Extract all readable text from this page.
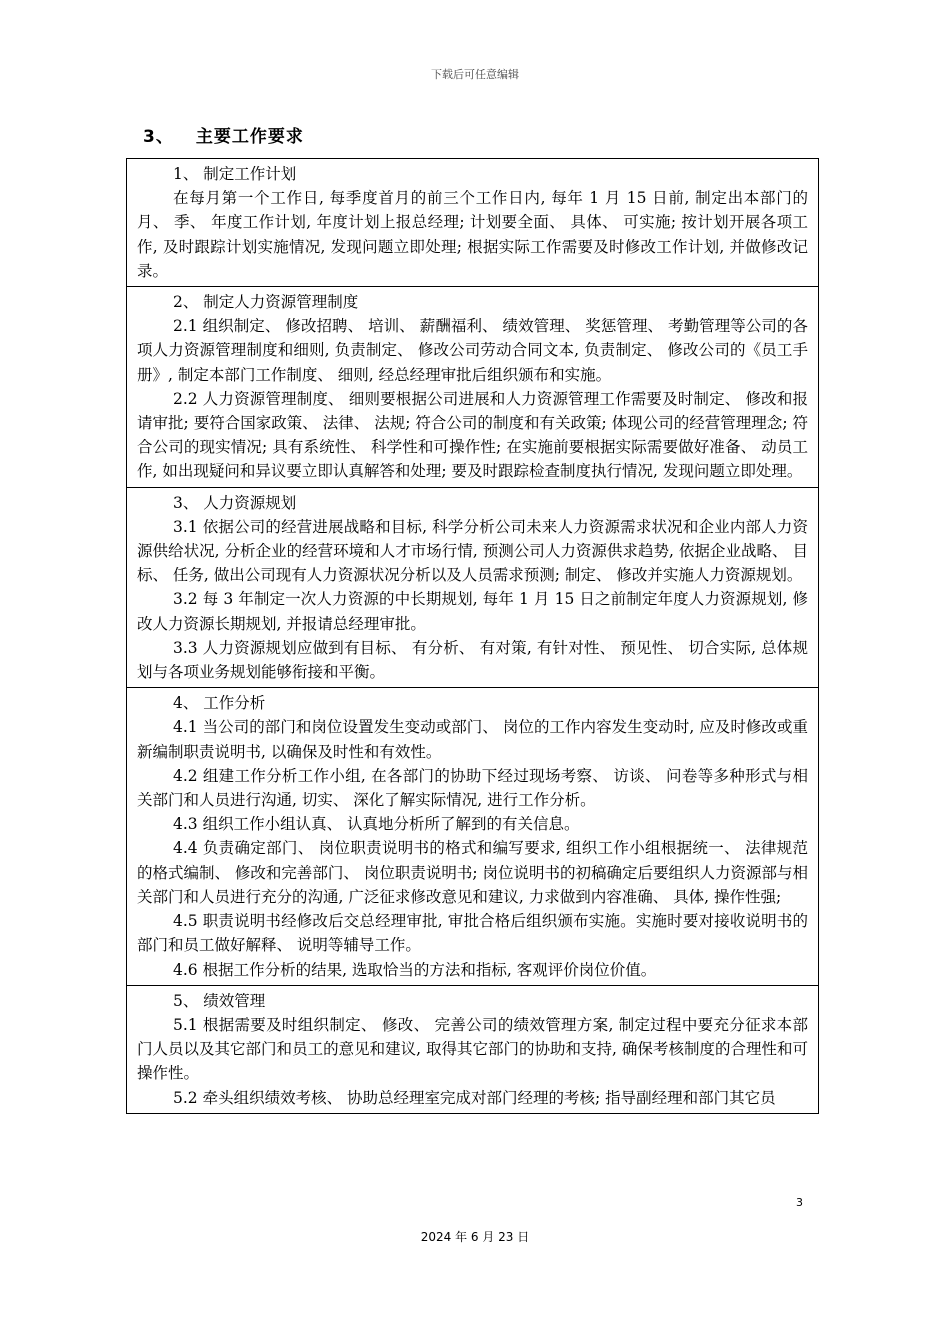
下载后可任意编辑
3、 主要工作要求

1、 制定工作计划

在每月第一个工作日, 每季度首月的前三个工作日内, 每年 1 月 15 日前, 制定出本部门的月、 季、 年度工作计划, 年度计划上报总经理; 计划要全面、 具体、 可实施; 按计划开展各项工作, 及时跟踪计划实施情况, 发现问题立即处理; 根据实际工作需要及时修改工作计划, 并做修改记录。

2、 制定人力资源管理制度

2.1 组织制定、 修改招聘、 培训、 薪酬福利、 绩效管理、 奖惩管理、 考勤管理等公司的各项人力资源管理制度和细则, 负责制定、 修改公司劳动合同文本, 负责制定、 修改公司的《员工手册》, 制定本部门工作制度、 细则, 经总经理审批后组织颁布和实施。

2.2 人力资源管理制度、 细则要根据公司进展和人力资源管理工作需要及时制定、 修改和报请审批; 要符合国家政策、 法律、 法规; 符合公司的制度和有关政策; 体现公司的经营管理理念; 符合公司的现实情况; 具有系统性、 科学性和可操作性; 在实施前要根据实际需要做好准备、 动员工作, 如出现疑问和异议要立即认真解答和处理; 要及时跟踪检查制度执行情况, 发现问题立即处理。

3、 人力资源规划

3.1 依据公司的经营进展战略和目标, 科学分析公司未来人力资源需求状况和企业内部人力资源供给状况, 分析企业的经营环境和人才市场行情, 预测公司人力资源供求趋势, 依据企业战略、 目标、 任务, 做出公司现有人力资源状况分析以及人员需求预测; 制定、 修改并实施人力资源规划。

3.2 每 3 年制定一次人力资源的中长期规划, 每年 1 月 15 日之前制定年度人力资源规划, 修改人力资源长期规划, 并报请总经理审批。

3.3 人力资源规划应做到有目标、 有分析、 有对策, 有针对性、 预见性、 切合实际, 总体规划与各项业务规划能够衔接和平衡。

4、 工作分析

4.1 当公司的部门和岗位设置发生变动或部门、 岗位的工作内容发生变动时, 应及时修改或重新编制职责说明书, 以确保及时性和有效性。

4.2 组建工作分析工作小组, 在各部门的协助下经过现场考察、 访谈、 问卷等多种形式与相关部门和人员进行沟通, 切实、 深化了解实际情况, 进行工作分析。

4.3 组织工作小组认真、 认真地分析所了解到的有关信息。

4.4 负责确定部门、 岗位职责说明书的格式和编写要求, 组织工作小组根据统一、 法律规范的格式编制、 修改和完善部门、 岗位职责说明书; 岗位说明书的初稿确定后要组织人力资源部与相关部门和人员进行充分的沟通, 广泛征求修改意见和建议, 力求做到内容准确、 具体, 操作性强;

4.5 职责说明书经修改后交总经理审批, 审批合格后组织颁布实施。实施时要对接收说明书的部门和员工做好解释、 说明等辅导工作。

4.6 根据工作分析的结果, 选取恰当的方法和指标, 客观评价岗位价值。

5、 绩效管理

5.1 根据需要及时组织制定、 修改、 完善公司的绩效管理方案, 制定过程中要充分征求本部门人员以及其它部门和员工的意见和建议, 取得其它部门的协助和支持, 确保考核制度的合理性和可操作性。

5.2 牵头组织绩效考核、 协助总经理室完成对部门经理的考核; 指导副经理和部门其它员

3
2024 年 6 月 23 日
